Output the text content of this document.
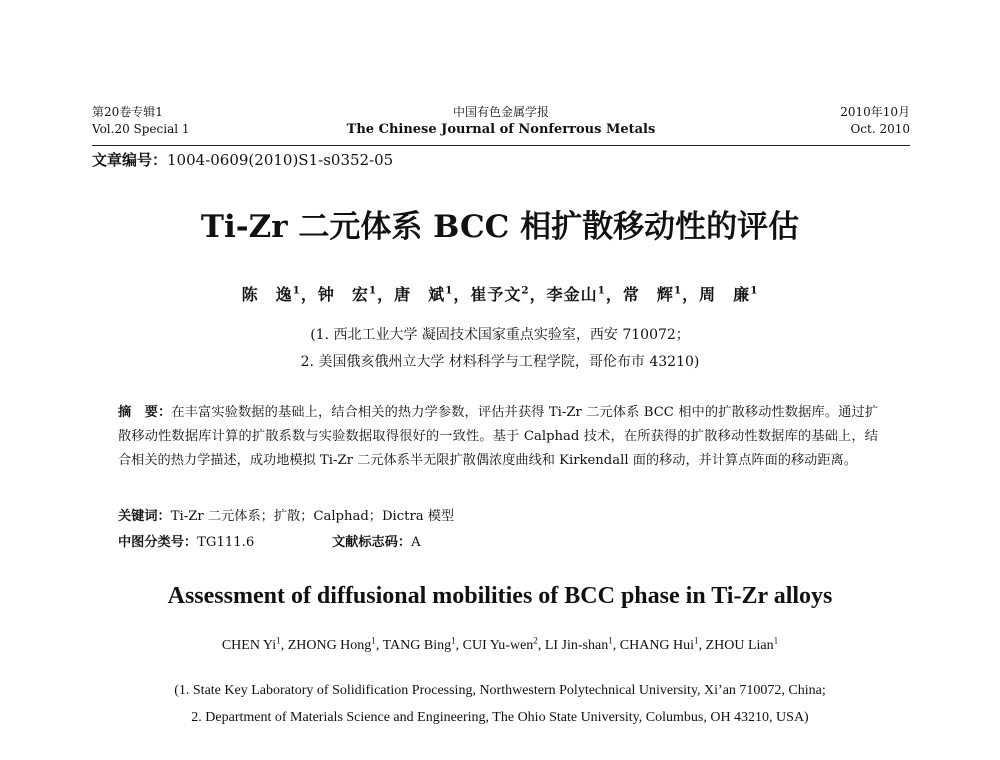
第20卷专辑1
Vol.20 Special 1
中国有色金属学报
The Chinese Journal of Nonferrous Metals
2010年10月
Oct. 2010
文章编号：1004-0609(2010)S1-s0352-05
Ti-Zr 二元体系 BCC 相扩散移动性的评估
陈　逸$^1$，钟　宏$^1$，唐　斌$^1$，崔予文$^2$，李金山$^1$，常　辉$^1$，周　廉$^1$
(1. 西北工业大学 凝固技术国家重点实验室，西安 710072；
2. 美国俄亥俄州立大学 材料科学与工程学院，哥伦布市 43210)
摘　要：在丰富实验数据的基础上，结合相关的热力学参数，评估并获得 Ti-Zr 二元体系 BCC 相中的扩散移动性数据库。通过扩散移动性数据库计算的扩散系数与实验数据取得很好的一致性。基于 Calphad 技术，在所获得的扩散移动性数据库的基础上，结合相关的热力学描述，成功地模拟 Ti-Zr 二元体系半无限扩散偶浓度曲线和 Kirkendall 面的移动，并计算点阵面的移动距离。
关键词：Ti-Zr 二元体系；扩散；Calphad；Dictra 模型
中图分类号：TG111.6	文献标志码：A
Assessment of diffusional mobilities of BCC phase in Ti-Zr alloys
CHEN Yi$^1$, ZHONG Hong$^1$, TANG Bing$^1$, CUI Yu-wen$^2$, LI Jin-shan$^1$, CHANG Hui$^1$, ZHOU Lian$^1$
(1. State Key Laboratory of Solidification Processing, Northwestern Polytechnical University, Xi’an 710072, China;
2. Department of Materials Science and Engineering, The Ohio State University, Columbus, OH 43210, USA)
